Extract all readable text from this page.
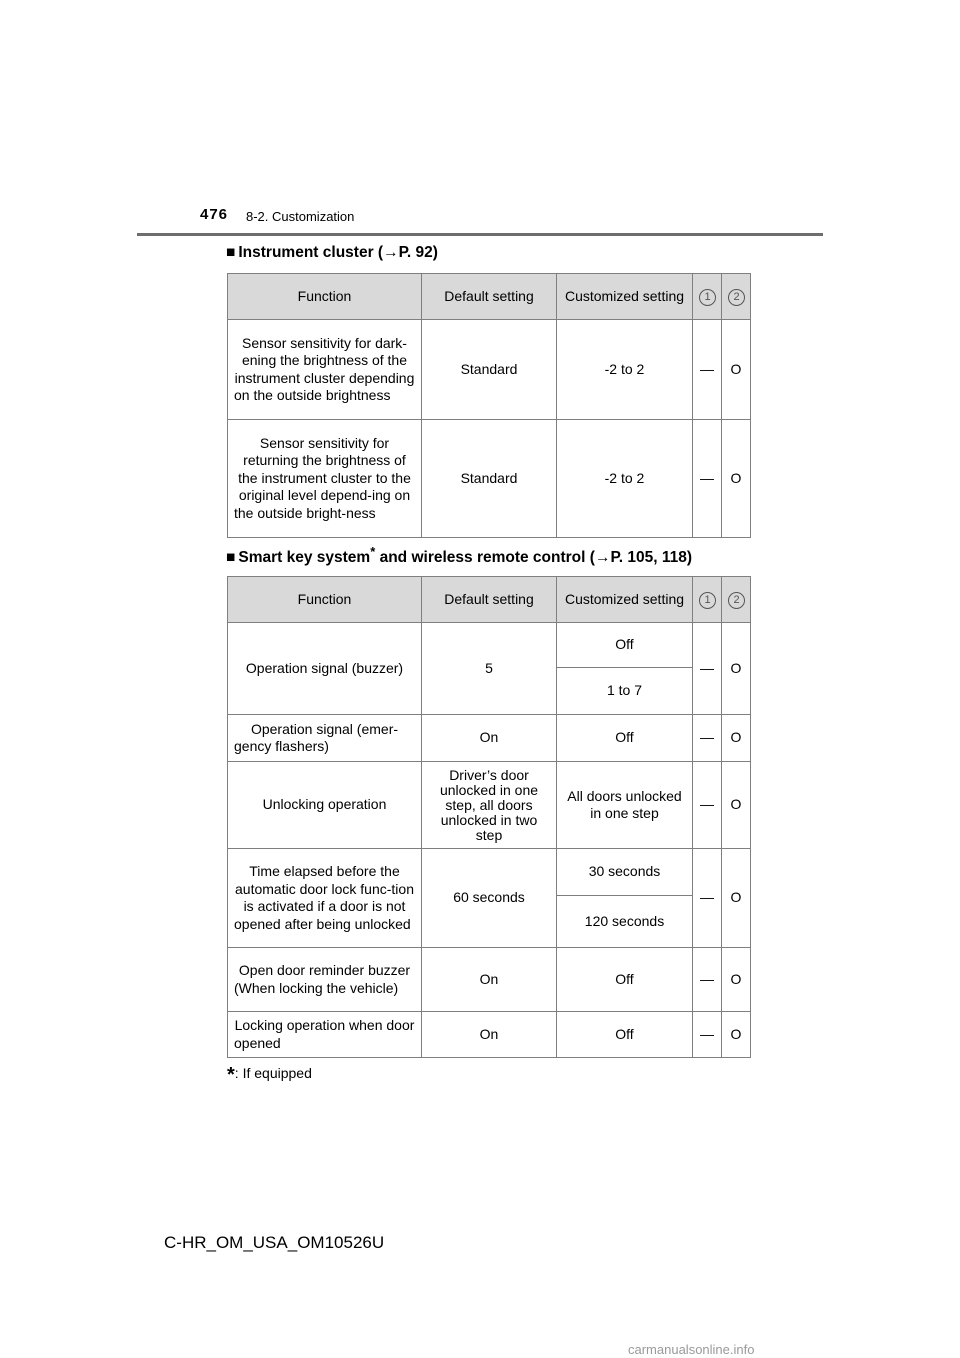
476 8-2. Customization
■ Instrument cluster (→P. 92)
Function	Default setting	Customized setting	1	2
Sensor sensitivity for dark-ening the brightness of the instrument cluster depending on the outside brightness	Standard	-2 to 2	—	O
Sensor sensitivity for returning the brightness of the instrument cluster to the original level depend-ing on the outside bright-ness	Standard	-2 to 2	—	O
■ Smart key system* and wireless remote control (→P. 105, 118)
Function	Default setting	Customized setting	1	2
Operation signal (buzzer)	5	Off	—	O
		1 to 7		
Operation signal (emer-gency flashers)	On	Off	—	O
Unlocking operation	Driver’s door unlocked in one step, all doors unlocked in two step	All doors unlocked in one step	—	O
Time elapsed before the automatic door lock func-tion is activated if a door is not opened after being unlocked	60 seconds	30 seconds	—	O
		120 seconds		
Open door reminder buzzer (When locking the vehicle)	On	Off	—	O
Locking operation when door opened	On	Off	—	O
*: If equipped
C-HR_OM_USA_OM10526U
carmanualsonline.info
